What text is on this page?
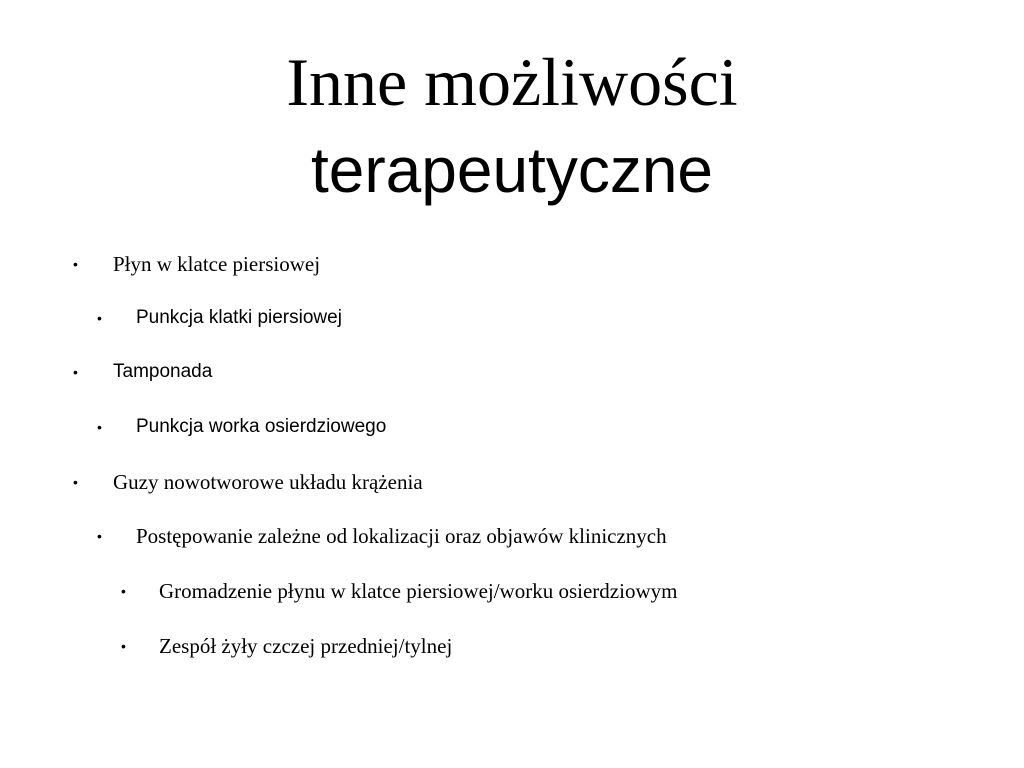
Inne możliwości
terapeutyczne
• Płyn w klatce piersiowej
• Punkcja klatki piersiowej
• Tamponada
• Punkcja worka osierdziowego
• Guzy nowotworowe układu krążenia
• Postępowanie zależne od lokalizacji oraz objawów klinicznych
• Gromadzenie płynu w klatce piersiowej/worku osierdziowym
• Zespół żyły czczej przedniej/tylnej
